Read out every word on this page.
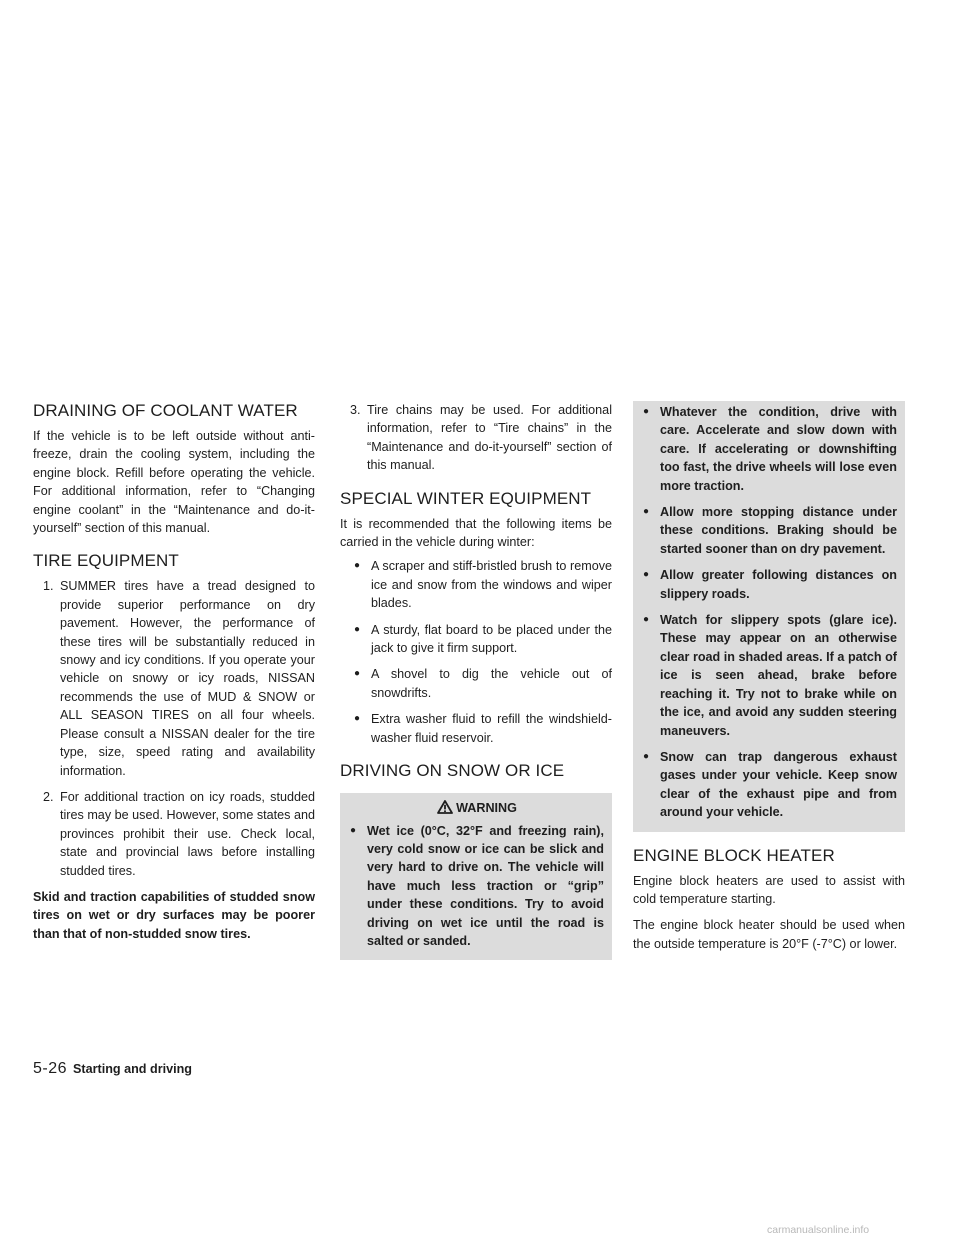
DRAINING OF COOLANT WATER

If the vehicle is to be left outside without anti-freeze, drain the cooling system, including the engine block. Refill before operating the vehicle. For additional information, refer to “Changing engine coolant” in the “Maintenance and do-it-yourself” section of this manual.

TIRE EQUIPMENT
1. SUMMER tires have a tread designed to provide superior performance on dry pavement. However, the performance of these tires will be substantially reduced in snowy and icy conditions. If you operate your vehicle on snowy or icy roads, NISSAN recommends the use of MUD & SNOW or ALL SEASON TIRES on all four wheels. Please consult a NISSAN dealer for the tire type, size, speed rating and availability information.
2. For additional traction on icy roads, studded tires may be used. However, some states and provinces prohibit their use. Check local, state and provincial laws before installing studded tires.

Skid and traction capabilities of studded snow tires on wet or dry surfaces may be poorer than that of non-studded snow tires.

3. Tire chains may be used. For additional information, refer to “Tire chains” in the “Maintenance and do-it-yourself” section of this manual.
SPECIAL WINTER EQUIPMENT

It is recommended that the following items be carried in the vehicle during winter:

● A scraper and stiff-bristled brush to remove ice and snow from the windows and wiper blades.
● A sturdy, flat board to be placed under the jack to give it firm support.
● A shovel to dig the vehicle out of snowdrifts.
● Extra washer fluid to refill the windshield-washer fluid reservoir.
DRIVING ON SNOW OR ICE
WARNING
● Wet ice (0°C, 32°F and freezing rain), very cold snow or ice can be slick and very hard to drive on. The vehicle will have much less traction or “grip” under these conditions. Try to avoid driving on wet ice until the road is salted or sanded.
● Whatever the condition, drive with care. Accelerate and slow down with care. If accelerating or downshifting too fast, the drive wheels will lose even more traction.
● Allow more stopping distance under these conditions. Braking should be started sooner than on dry pavement.
● Allow greater following distances on slippery roads.
● Watch for slippery spots (glare ice). These may appear on an otherwise clear road in shaded areas. If a patch of ice is seen ahead, brake before reaching it. Try not to brake while on the ice, and avoid any sudden steering maneuvers.
● Snow can trap dangerous exhaust gases under your vehicle. Keep snow clear of the exhaust pipe and from around your vehicle.
ENGINE BLOCK HEATER

Engine block heaters are used to assist with cold temperature starting.

The engine block heater should be used when the outside temperature is 20°F (-7°C) or lower.

5-26 Starting and driving
carmanualsonline.info
